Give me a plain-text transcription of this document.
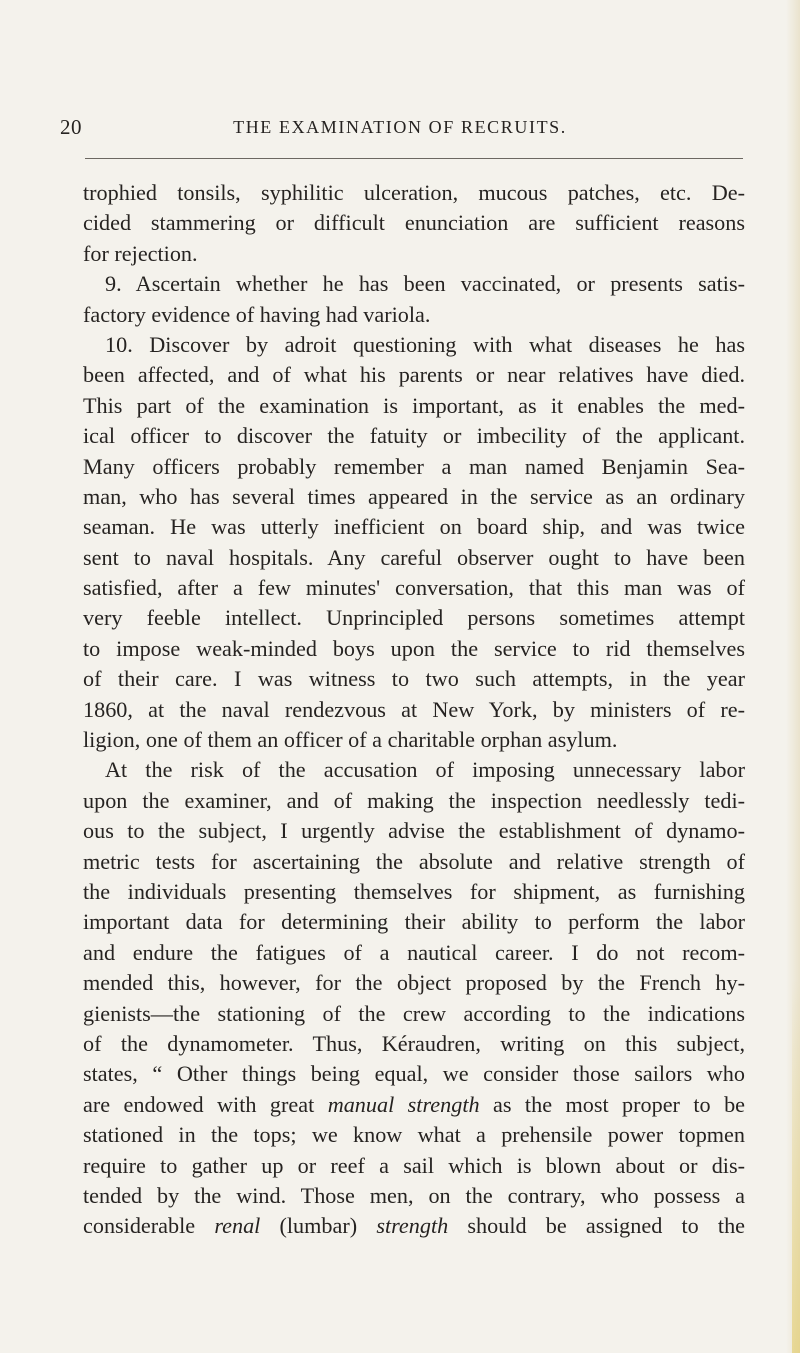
20	THE EXAMINATION OF RECRUITS.
trophied tonsils, syphilitic ulceration, mucous patches, etc. De-
cided stammering or difficult enunciation are sufficient reasons
for rejection.
9. Ascertain whether he has been vaccinated, or presents satis-
factory evidence of having had variola.
10. Discover by adroit questioning with what diseases he has
been affected, and of what his parents or near relatives have died.
This part of the examination is important, as it enables the med-
ical officer to discover the fatuity or imbecility of the applicant.
Many officers probably remember a man named Benjamin Sea-
man, who has several times appeared in the service as an ordinary
seaman. He was utterly inefficient on board ship, and was twice
sent to naval hospitals. Any careful observer ought to have been
satisfied, after a few minutes' conversation, that this man was of
very feeble intellect. Unprincipled persons sometimes attempt
to impose weak-minded boys upon the service to rid themselves
of their care. I was witness to two such attempts, in the year
1860, at the naval rendezvous at New York, by ministers of re-
ligion, one of them an officer of a charitable orphan asylum.
At the risk of the accusation of imposing unnecessary labor
upon the examiner, and of making the inspection needlessly tedi-
ous to the subject, I urgently advise the establishment of dynamo-
metric tests for ascertaining the absolute and relative strength of
the individuals presenting themselves for shipment, as furnishing
important data for determining their ability to perform the labor
and endure the fatigues of a nautical career. I do not recom-
mended this, however, for the object proposed by the French hy-
gienists—the stationing of the crew according to the indications
of the dynamometer. Thus, Kéraudren, writing on this subject,
states, “ Other things being equal, we consider those sailors who
are endowed with great manual strength as the most proper to be
stationed in the tops; we know what a prehensile power topmen
require to gather up or reef a sail which is blown about or dis-
tended by the wind. Those men, on the contrary, who possess a
considerable renal (lumbar) strength should be assigned to the
